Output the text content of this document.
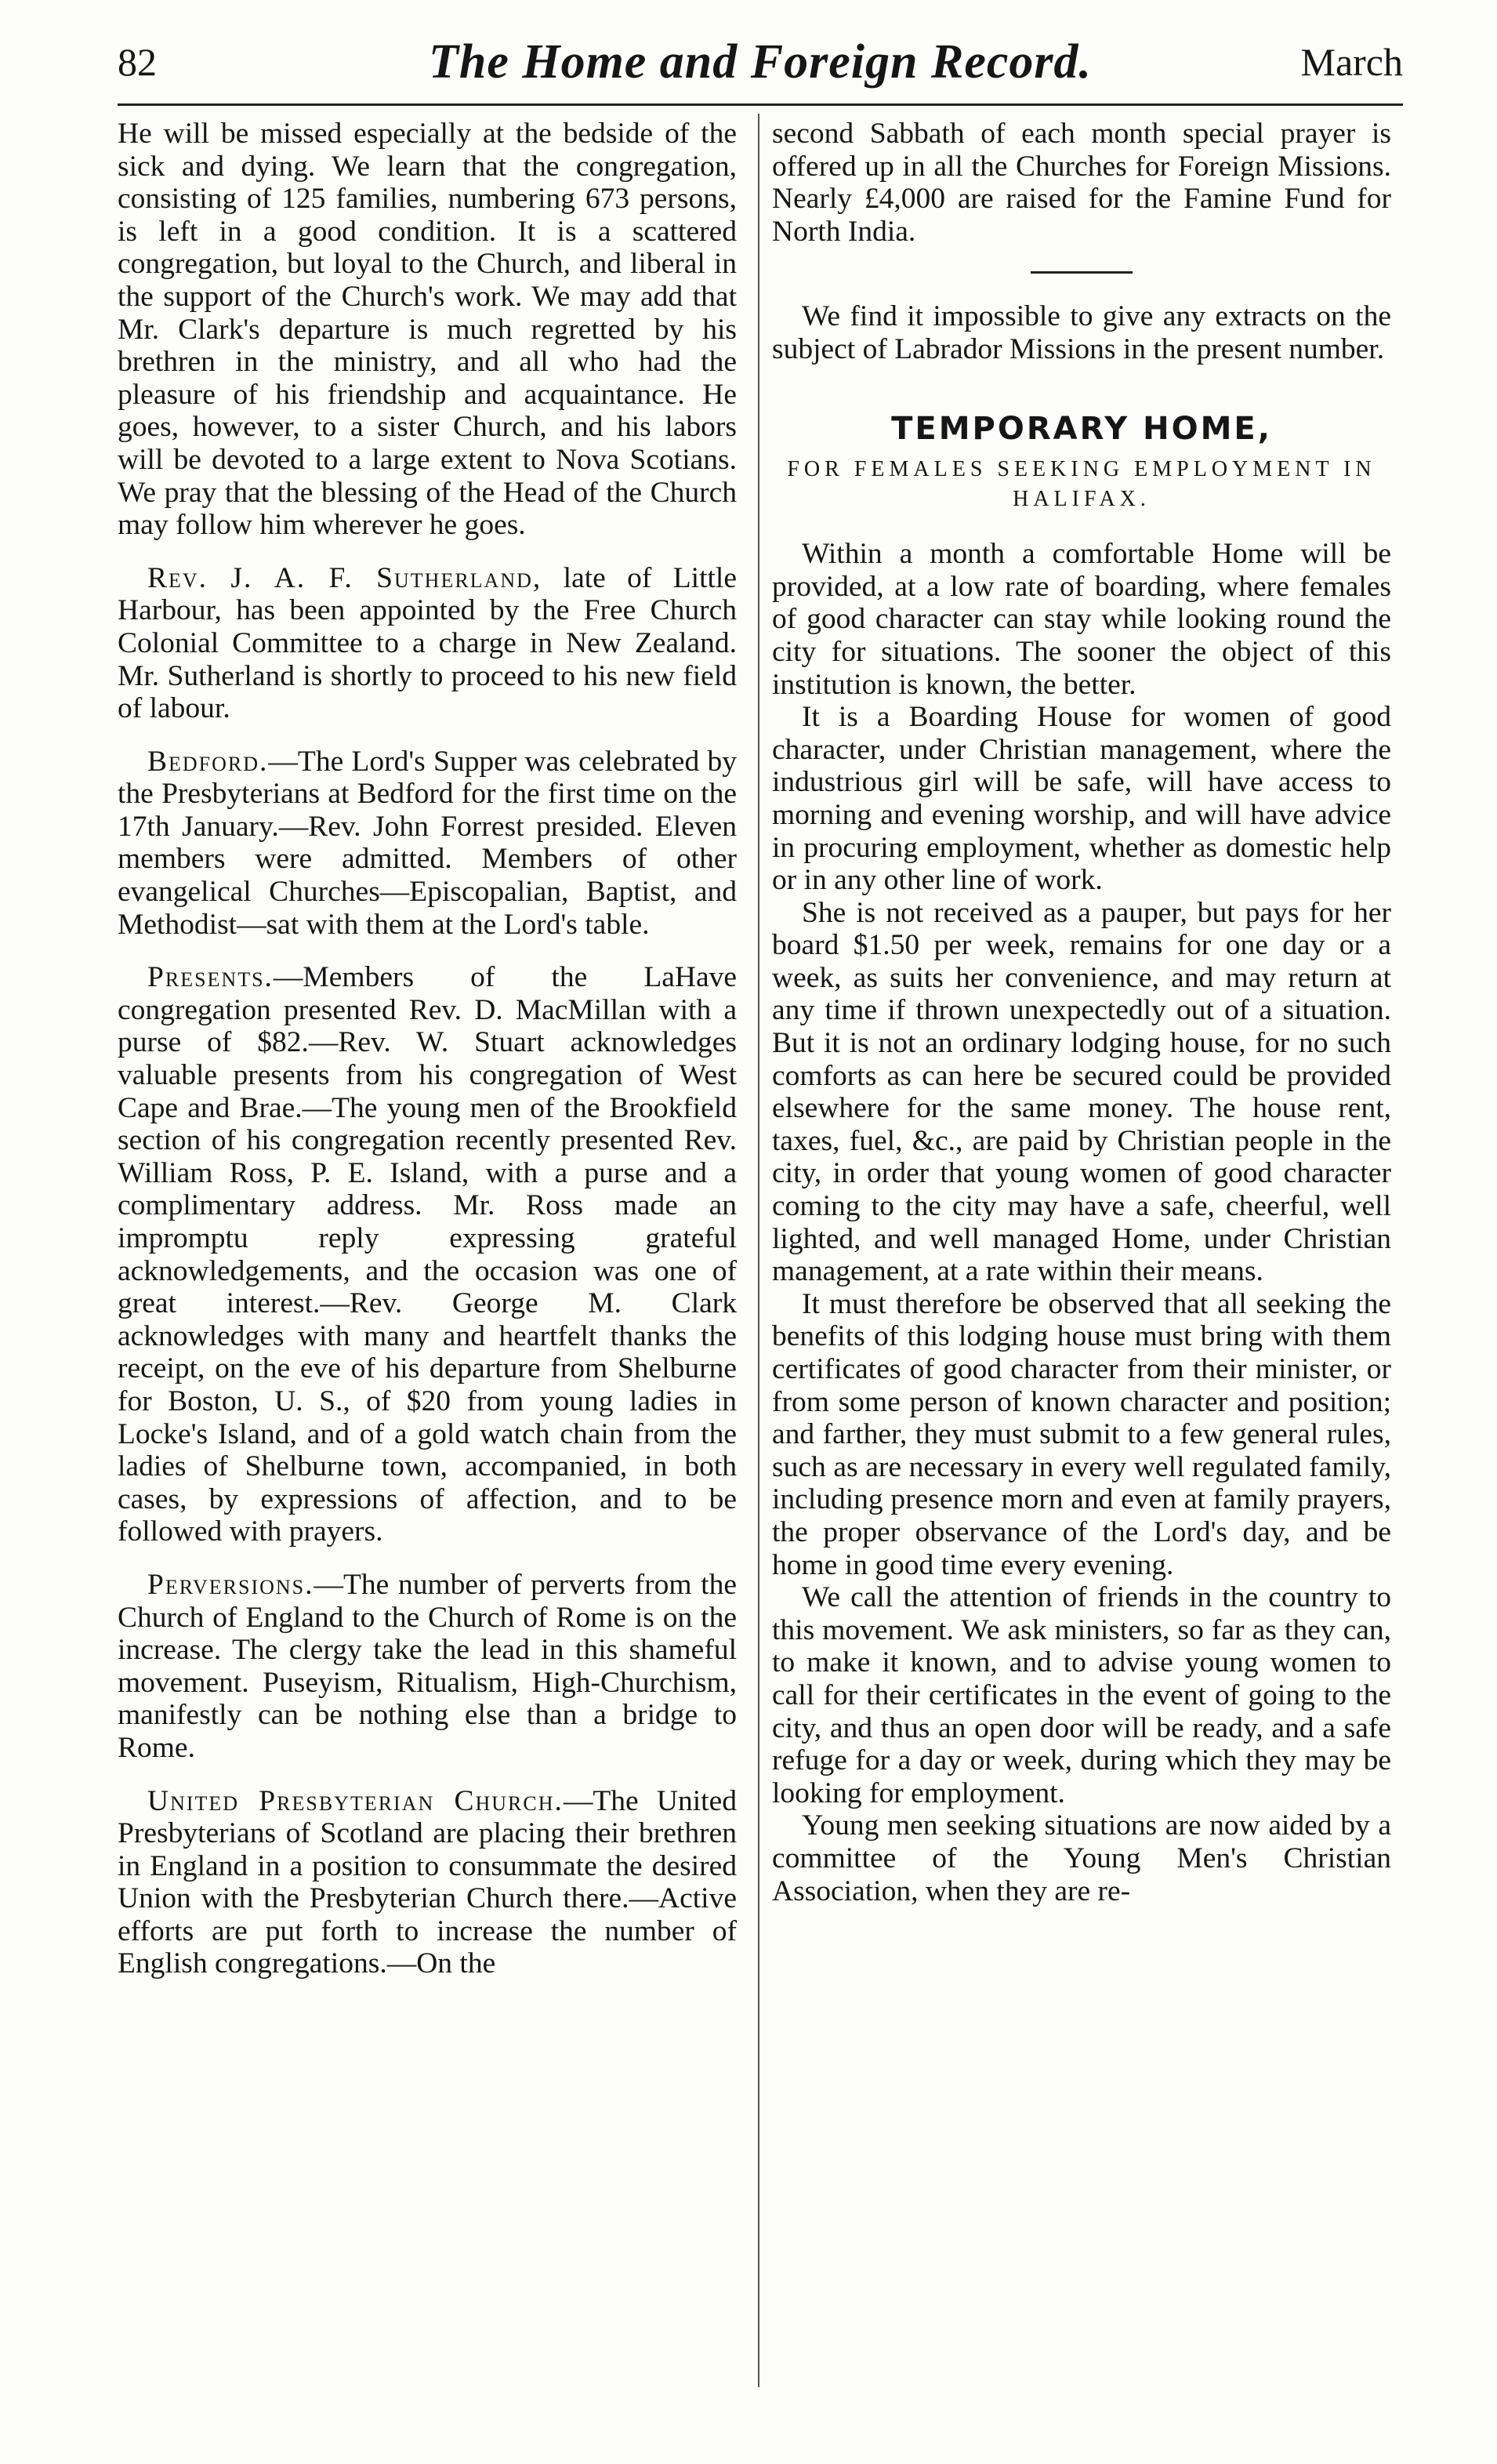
82	The Home and Foreign Record.	March

He will be missed especially at the bedside of the sick and dying. We learn that the congregation, consisting of 125 families, numbering 673 persons, is left in a good condition. It is a scattered congregation, but loyal to the Church, and liberal in the support of the Church's work. We may add that Mr. Clark's departure is much regretted by his brethren in the ministry, and all who had the pleasure of his friendship and acquaintance. He goes, however, to a sister Church, and his labors will be devoted to a large extent to Nova Scotians. We pray that the blessing of the Head of the Church may follow him wherever he goes.

Rev. J. A. F. Sutherland, late of Little Harbour, has been appointed by the Free Church Colonial Committee to a charge in New Zealand. Mr. Sutherland is shortly to proceed to his new field of labour.

Bedford.—The Lord's Supper was celebrated by the Presbyterians at Bedford for the first time on the 17th January.—Rev. John Forrest presided. Eleven members were admitted. Members of other evangelical Churches—Episcopalian, Baptist, and Methodist—sat with them at the Lord's table.

Presents.—Members of the LaHave congregation presented Rev. D. MacMillan with a purse of $82.—Rev. W. Stuart acknowledges valuable presents from his congregation of West Cape and Brae.—The young men of the Brookfield section of his congregation recently presented Rev. William Ross, P. E. Island, with a purse and a complimentary address. Mr. Ross made an impromptu reply expressing grateful acknowledgements, and the occasion was one of great interest.—Rev. George M. Clark acknowledges with many and heartfelt thanks the receipt, on the eve of his departure from Shelburne for Boston, U. S., of $20 from young ladies in Locke's Island, and of a gold watch chain from the ladies of Shelburne town, accompanied, in both cases, by expressions of affection, and to be followed with prayers.

Perversions.—The number of perverts from the Church of England to the Church of Rome is on the increase. The clergy take the lead in this shameful movement. Puseyism, Ritualism, High-Churchism, manifestly can be nothing else than a bridge to Rome.

United Presbyterian Church.—The United Presbyterians of Scotland are placing their brethren in England in a position to consummate the desired Union with the Presbyterian Church there.—Active efforts are put forth to increase the number of English congregations.—On the

second Sabbath of each month special prayer is offered up in all the Churches for Foreign Missions. Nearly £4,000 are raised for the Famine Fund for North India.

We find it impossible to give any extracts on the subject of Labrador Missions in the present number.

TEMPORARY HOME,
FOR FEMALES SEEKING EMPLOYMENT IN HALIFAX.

Within a month a comfortable Home will be provided, at a low rate of boarding, where females of good character can stay while looking round the city for situations. The sooner the object of this institution is known, the better.

It is a Boarding House for women of good character, under Christian management, where the industrious girl will be safe, will have access to morning and evening worship, and will have advice in procuring employment, whether as domestic help or in any other line of work.

She is not received as a pauper, but pays for her board $1.50 per week, remains for one day or a week, as suits her convenience, and may return at any time if thrown unexpectedly out of a situation. But it is not an ordinary lodging house, for no such comforts as can here be secured could be provided elsewhere for the same money. The house rent, taxes, fuel, &c., are paid by Christian people in the city, in order that young women of good character coming to the city may have a safe, cheerful, well lighted, and well managed Home, under Christian management, at a rate within their means.

It must therefore be observed that all seeking the benefits of this lodging house must bring with them certificates of good character from their minister, or from some person of known character and position; and farther, they must submit to a few general rules, such as are necessary in every well regulated family, including presence morn and even at family prayers, the proper observance of the Lord's day, and be home in good time every evening.

We call the attention of friends in the country to this movement. We ask ministers, so far as they can, to make it known, and to advise young women to call for their certificates in the event of going to the city, and thus an open door will be ready, and a safe refuge for a day or week, during which they may be looking for employment.

Young men seeking situations are now aided by a committee of the Young Men's Christian Association, when they are re-
